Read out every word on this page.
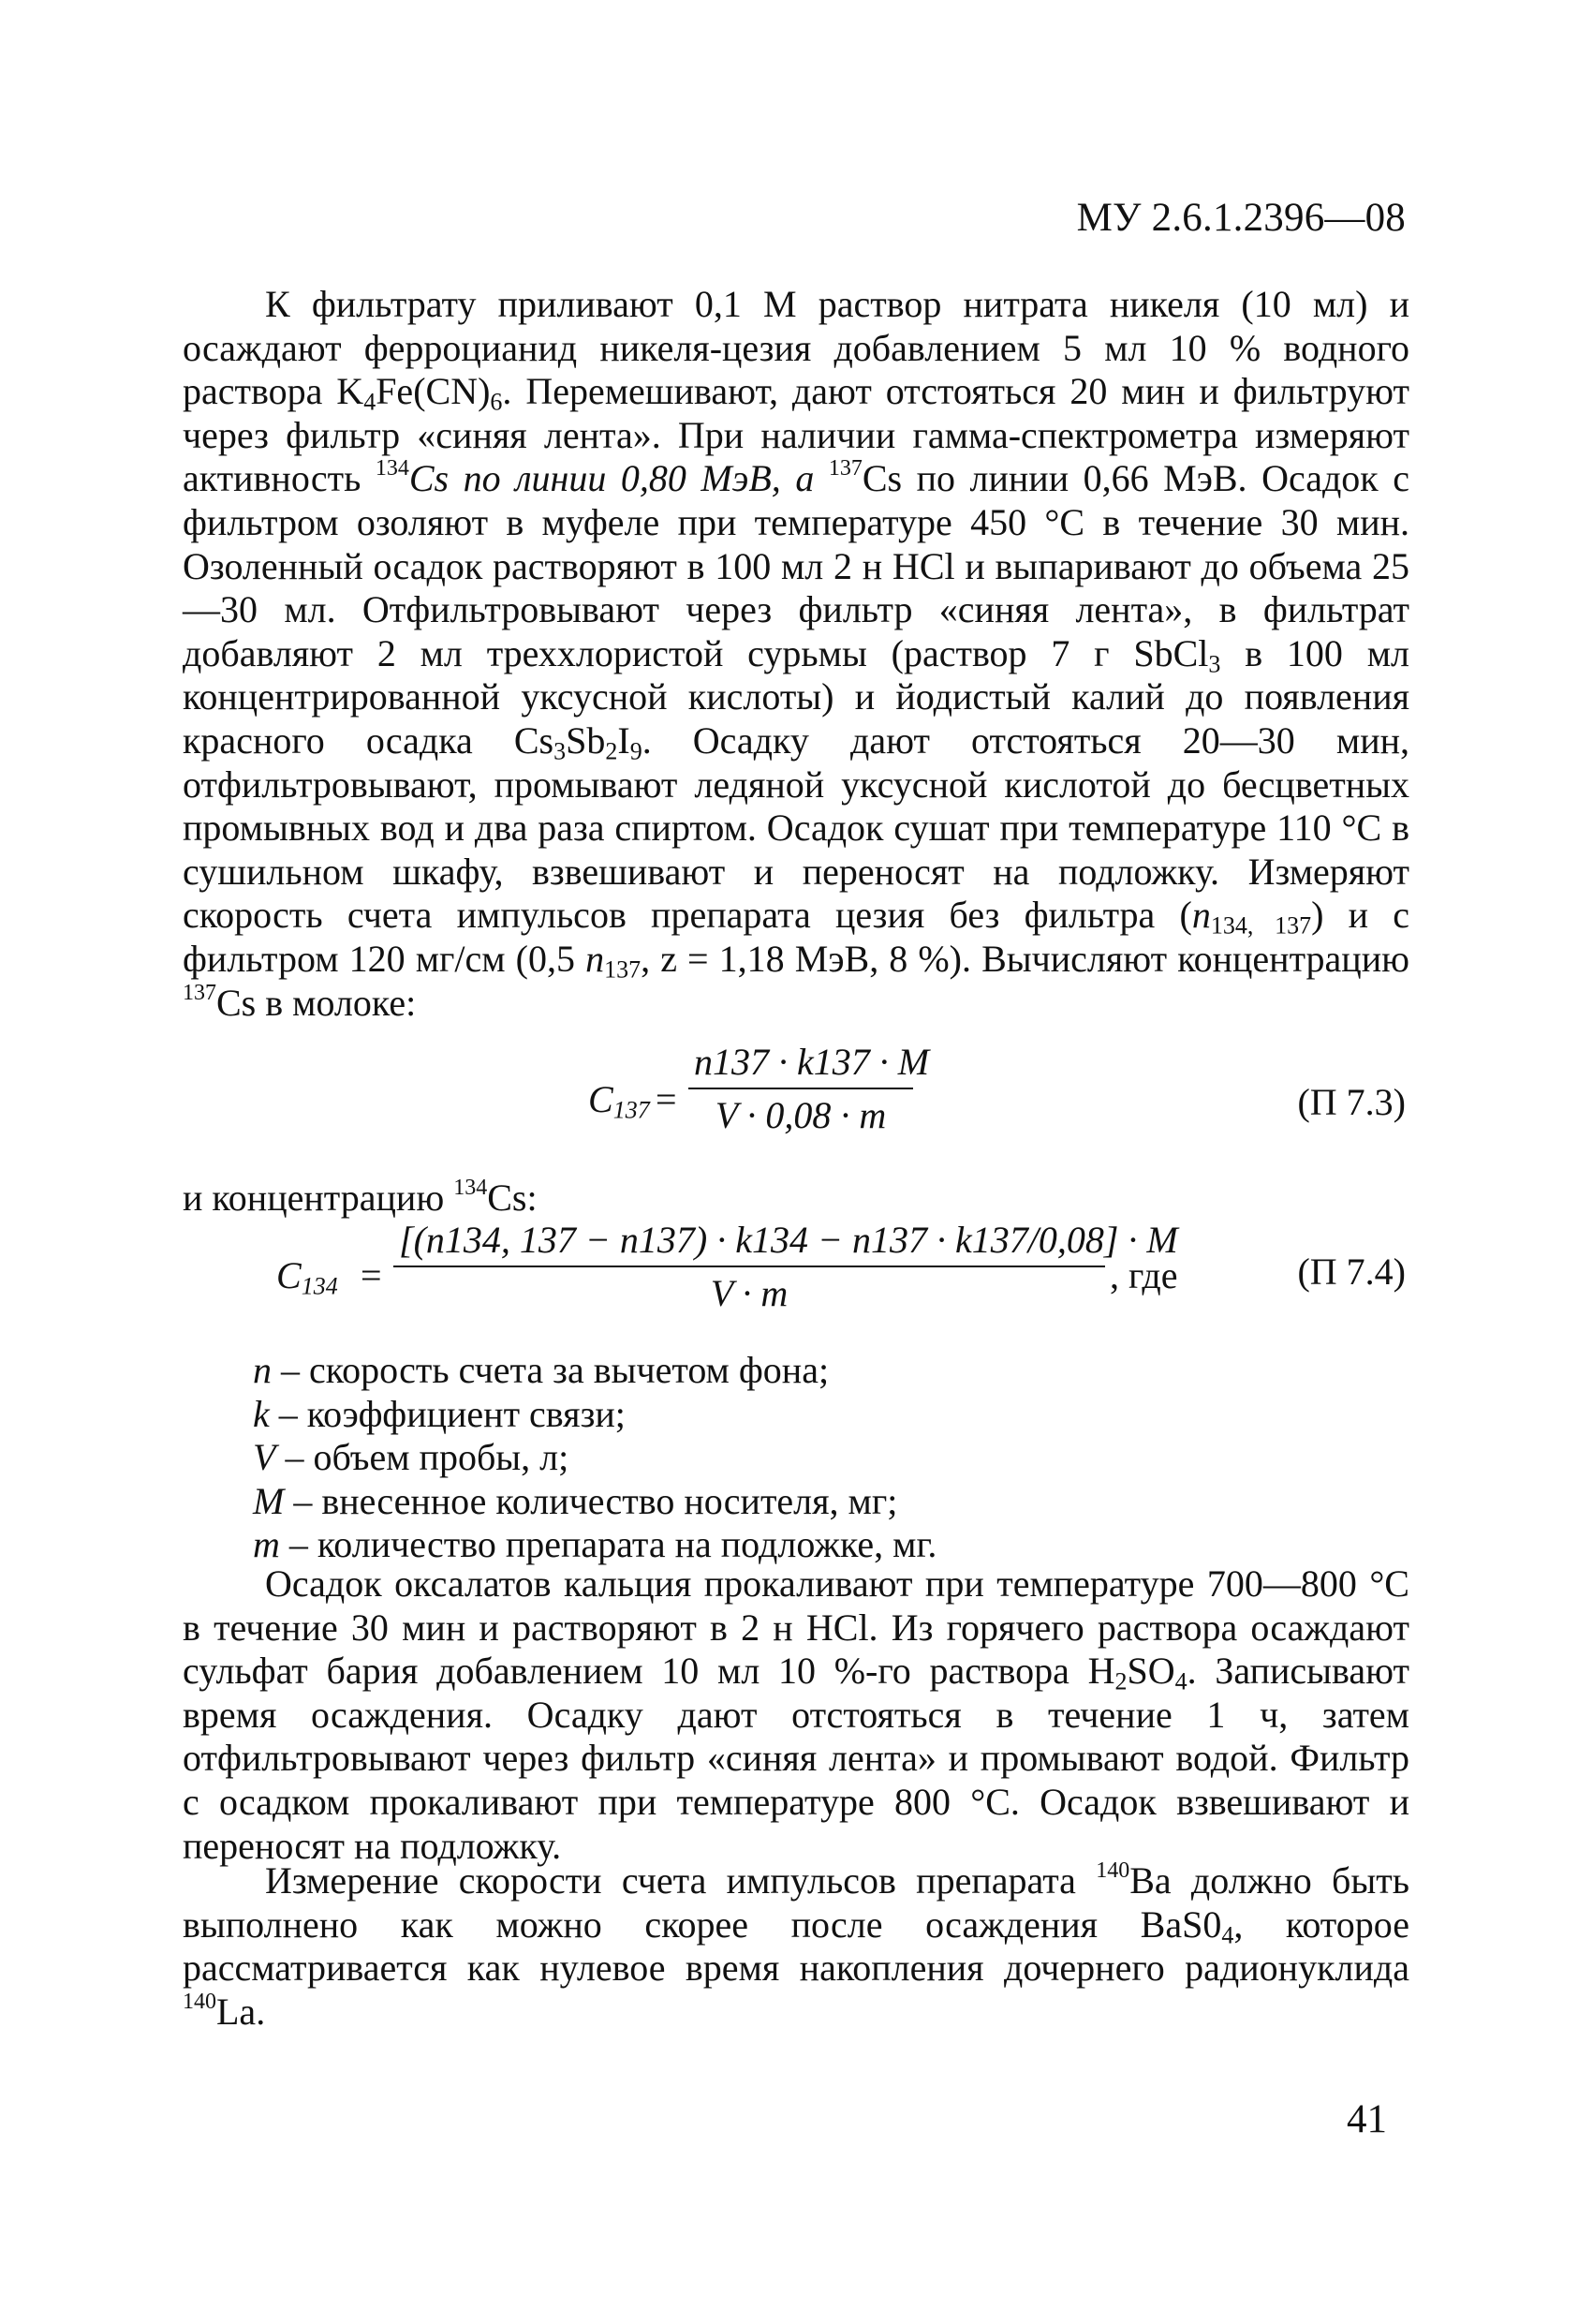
МУ 2.6.1.2396—08

К фильтрату приливают 0,1 М раствор нитрата никеля (10 мл) и осаждают ферроцианид никеля-цезия добавлением 5 мл 10 % водного раствора $K_4Fe(CN)_6$. Перемешивают, дают отстояться 20 мин и фильтруют через фильтр «синяя лента». При наличии гамма-спектрометра измеряют активность $^{134}$Cs по линии 0,80 МэВ, а $^{137}$Cs по линии 0,66 МэВ. Осадок с фильтром озоляют в муфеле при температуре 450 °С в течение 30 мин. Озоленный осадок растворяют в 100 мл 2 н HCl и выпаривают до объема 25—30 мл. Отфильтровывают через фильтр «синяя лента», в фильтрат добавляют 2 мл треххлористой сурьмы (раствор 7 г SbCl$_3$ в 100 мл концентрированной уксусной кислоты) и йодистый калий до появления красного осадка $Cs_3Sb_2I_9$. Осадку дают отстояться 20—30 мин, отфильтровывают, промывают ледяной уксусной кислотой до бесцветных промывных вод и два раза спиртом. Осадок сушат при температуре 110 °С в сушильном шкафу, взвешивают и переносят на подложку. Измеряют скорость счета импульсов препарата цезия без фильтра $(n_{134, 137})$ и с фильтром 120 мг/см (0,5 $n_{137}$, z = 1,18 МэВ, 8 %). Вычисляют концентрацию $^{137}$Cs в молоке:

$C_{137} = \frac{n137 \cdot k137 \cdot M}{V \cdot 0,08 \cdot m}$	(П 7.3)
и концентрацию $^{134}$Cs:
$C_{134} = \frac{[(n134, 137 - n137) \cdot k134 - n137 \cdot k137/0,08] \cdot M}{V \cdot m}$ , где	(П 7.4)
n – скорость счета за вычетом фона;
k – коэффициент связи;
V – объем пробы, л;
M – внесенное количество носителя, мг;
m – количество препарата на подложке, мг.

Осадок оксалатов кальция прокаливают при температуре 700—800 °С в течение 30 мин и растворяют в 2 н HCl. Из горячего раствора осаждают сульфат бария добавлением 10 мл 10 %-го раствора $H_2SO_4$. Записывают время осаждения. Осадку дают отстояться в течение 1 ч, затем отфильтровывают через фильтр «синяя лента» и промывают водой. Фильтр с осадком прокаливают при температуре 800 °С. Осадок взвешивают и переносят на подложку.

Измерение скорости счета импульсов препарата $^{140}$Ba должно быть выполнено как можно скорее после осаждения $BaS0_4$, которое рассматривается как нулевое время накопления дочернего радионуклида $^{140}$La.

41
